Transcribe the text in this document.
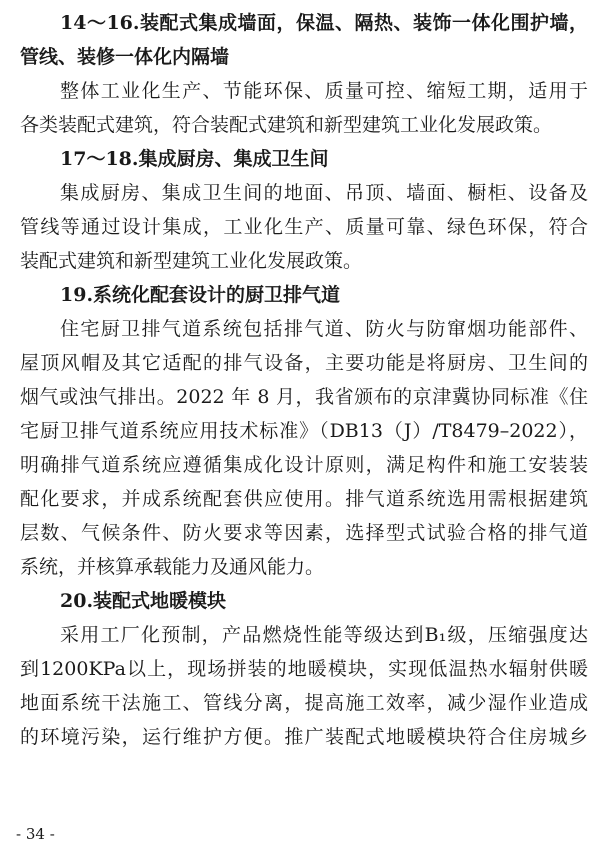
14～16.装配式集成墙面，保温、隔热、装饰一体化围护墙，
管线、装修一体化内隔墙
整体工业化生产、节能环保、质量可控、缩短工期，适用于
各类装配式建筑，符合装配式建筑和新型建筑工业化发展政策。
17～18.集成厨房、集成卫生间
集成厨房、集成卫生间的地面、吊顶、墙面、橱柜、设备及
管线等通过设计集成，工业化生产、质量可靠、绿色环保，符合
装配式建筑和新型建筑工业化发展政策。
19.系统化配套设计的厨卫排气道
住宅厨卫排气道系统包括排气道、防火与防窜烟功能部件、
屋顶风帽及其它适配的排气设备，主要功能是将厨房、卫生间的
烟气或浊气排出。2022 年 8 月，我省颁布的京津冀协同标准《住
宅厨卫排气道系统应用技术标准》（DB13（J）/T8479–2022），
明确排气道系统应遵循集成化设计原则，满足构件和施工安装装
配化要求，并成系统配套供应使用。排气道系统选用需根据建筑
层数、气候条件、防火要求等因素，选择型式试验合格的排气道
系统，并核算承载能力及通风能力。
20.装配式地暖模块
采用工厂化预制，产品燃烧性能等级达到B₁级，压缩强度达
到1200KPa以上，现场拼装的地暖模块，实现低温热水辐射供暖
地面系统干法施工、管线分离，提高施工效率，减少湿作业造成
的环境污染，运行维护方便。推广装配式地暖模块符合住房城乡
- 34 -
